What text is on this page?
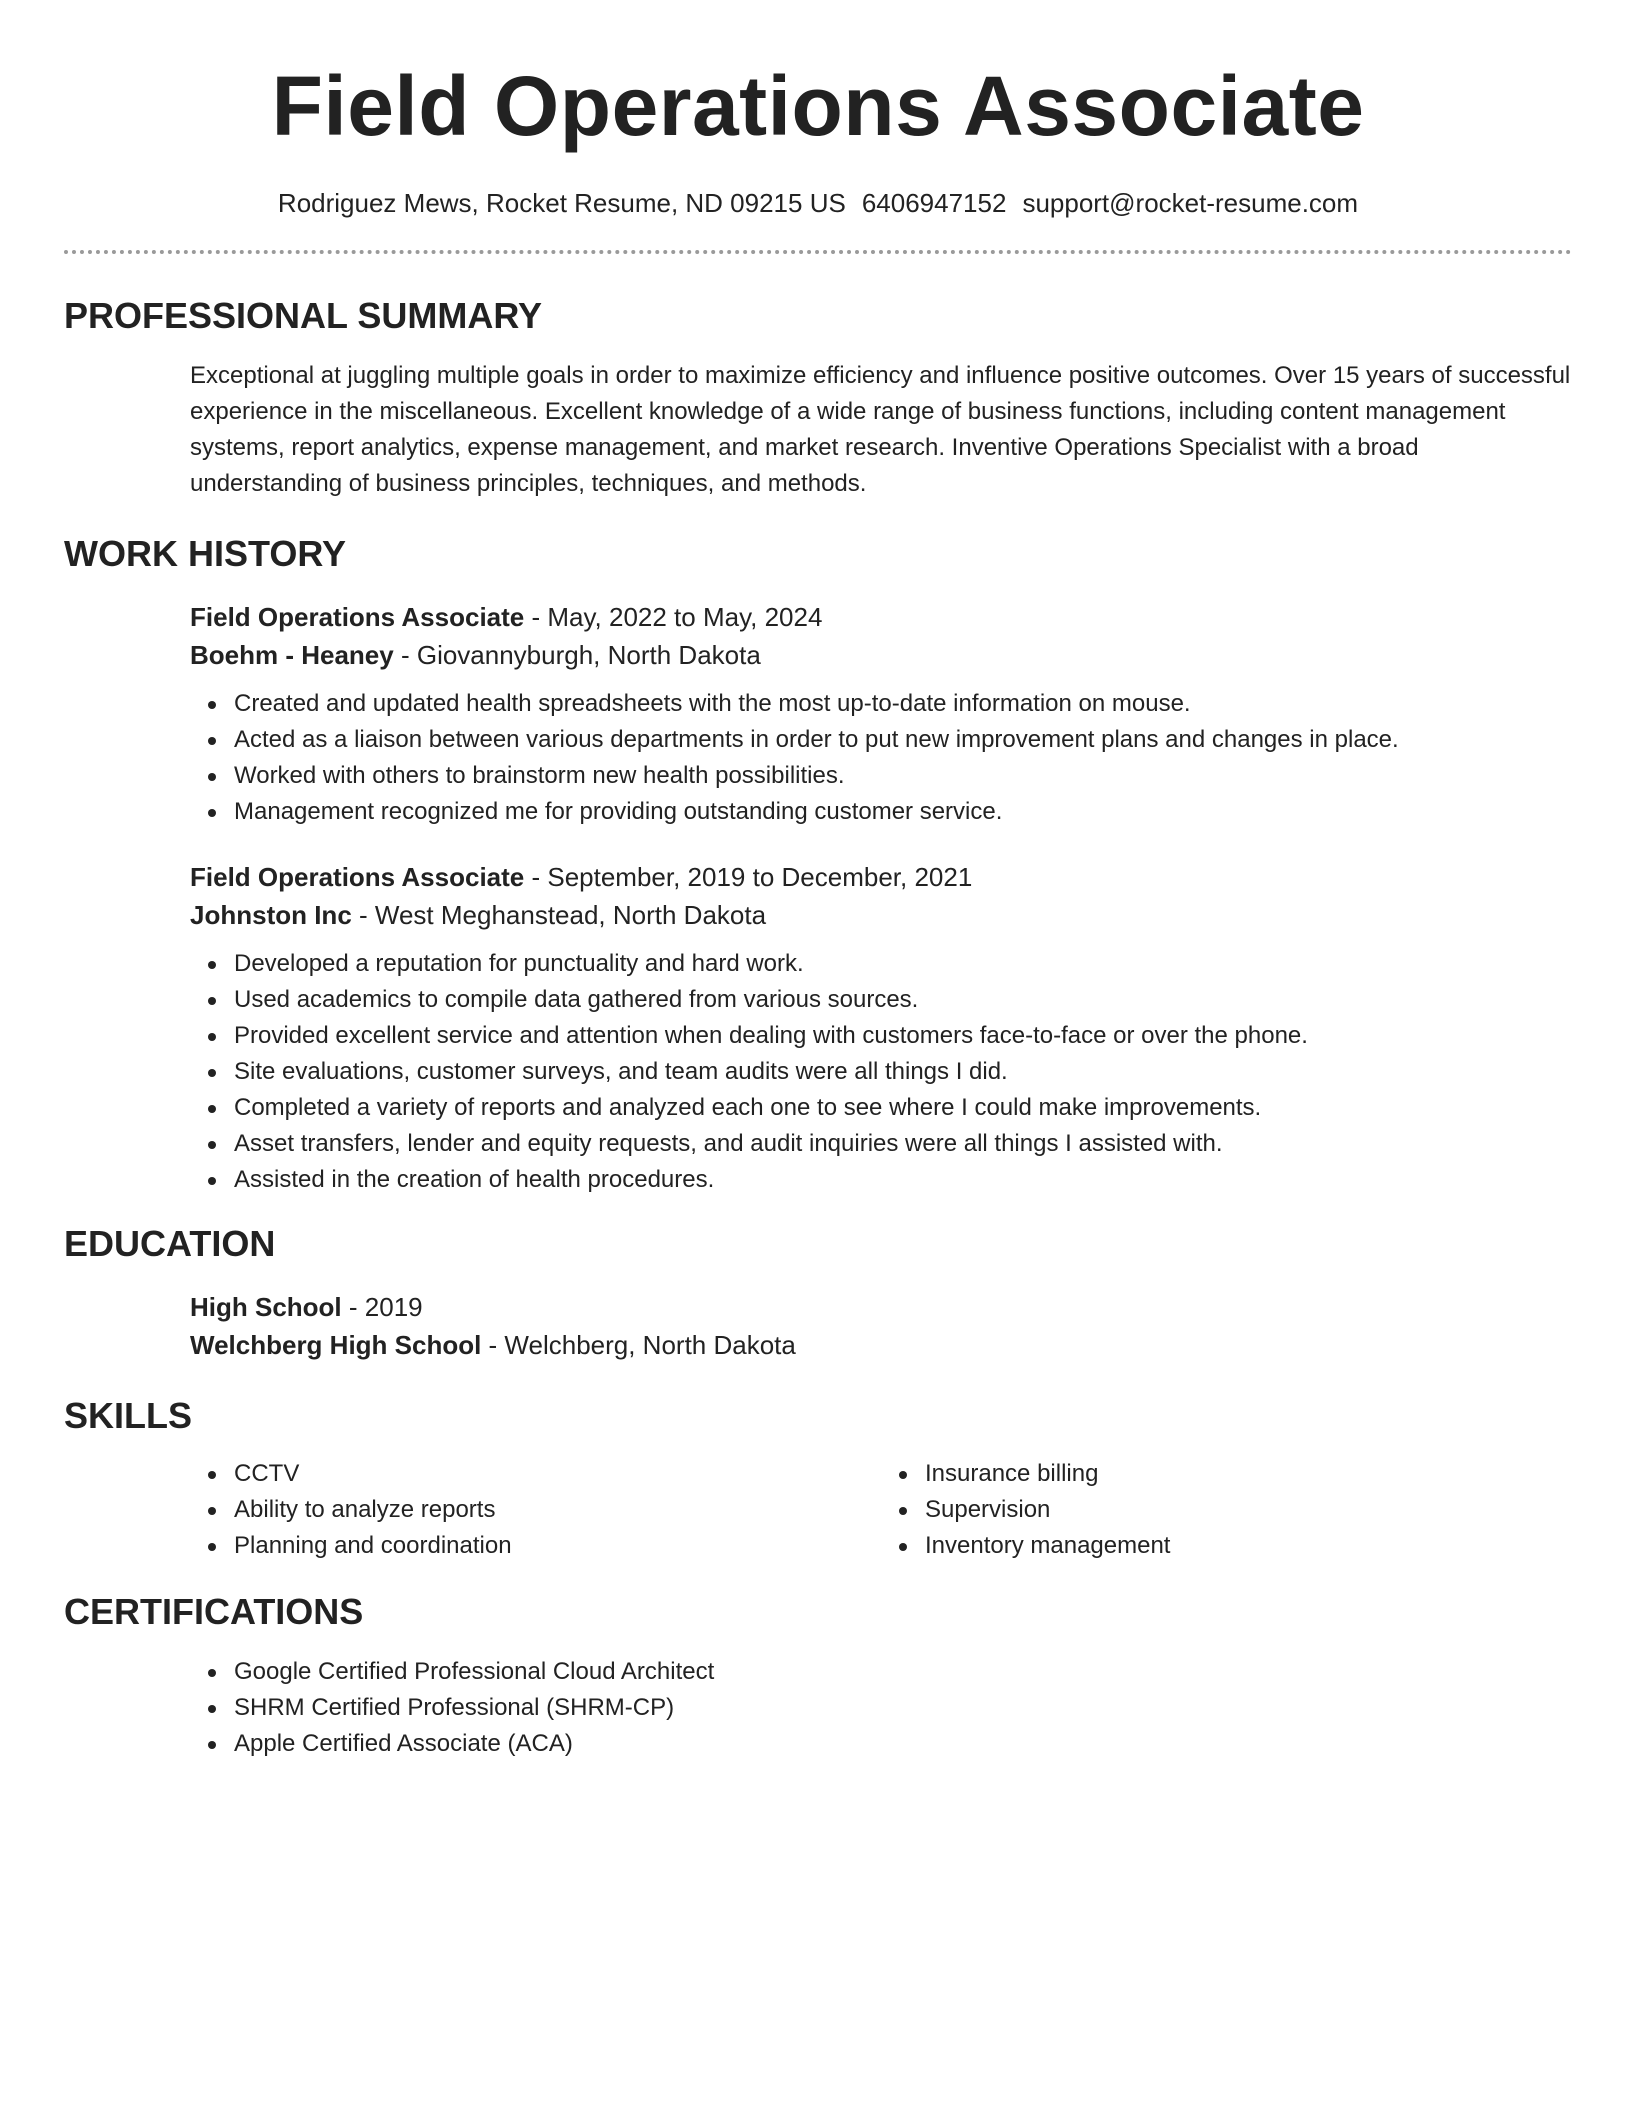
Field Operations Associate
Rodriguez Mews, Rocket Resume, ND 09215 US 6406947152 support@rocket-resume.com
PROFESSIONAL SUMMARY
Exceptional at juggling multiple goals in order to maximize efficiency and influence positive outcomes. Over 15 years of successful experience in the miscellaneous. Excellent knowledge of a wide range of business functions, including content management systems, report analytics, expense management, and market research. Inventive Operations Specialist with a broad understanding of business principles, techniques, and methods.
WORK HISTORY
Field Operations Associate - May, 2022 to May, 2024
Boehm - Heaney - Giovannyburgh, North Dakota
Created and updated health spreadsheets with the most up-to-date information on mouse.
Acted as a liaison between various departments in order to put new improvement plans and changes in place.
Worked with others to brainstorm new health possibilities.
Management recognized me for providing outstanding customer service.
Field Operations Associate - September, 2019 to December, 2021
Johnston Inc - West Meghanstead, North Dakota
Developed a reputation for punctuality and hard work.
Used academics to compile data gathered from various sources.
Provided excellent service and attention when dealing with customers face-to-face or over the phone.
Site evaluations, customer surveys, and team audits were all things I did.
Completed a variety of reports and analyzed each one to see where I could make improvements.
Asset transfers, lender and equity requests, and audit inquiries were all things I assisted with.
Assisted in the creation of health procedures.
EDUCATION
High School - 2019
Welchberg High School - Welchberg, North Dakota
SKILLS
CCTV
Ability to analyze reports
Planning and coordination
Insurance billing
Supervision
Inventory management
CERTIFICATIONS
Google Certified Professional Cloud Architect
SHRM Certified Professional (SHRM-CP)
Apple Certified Associate (ACA)
